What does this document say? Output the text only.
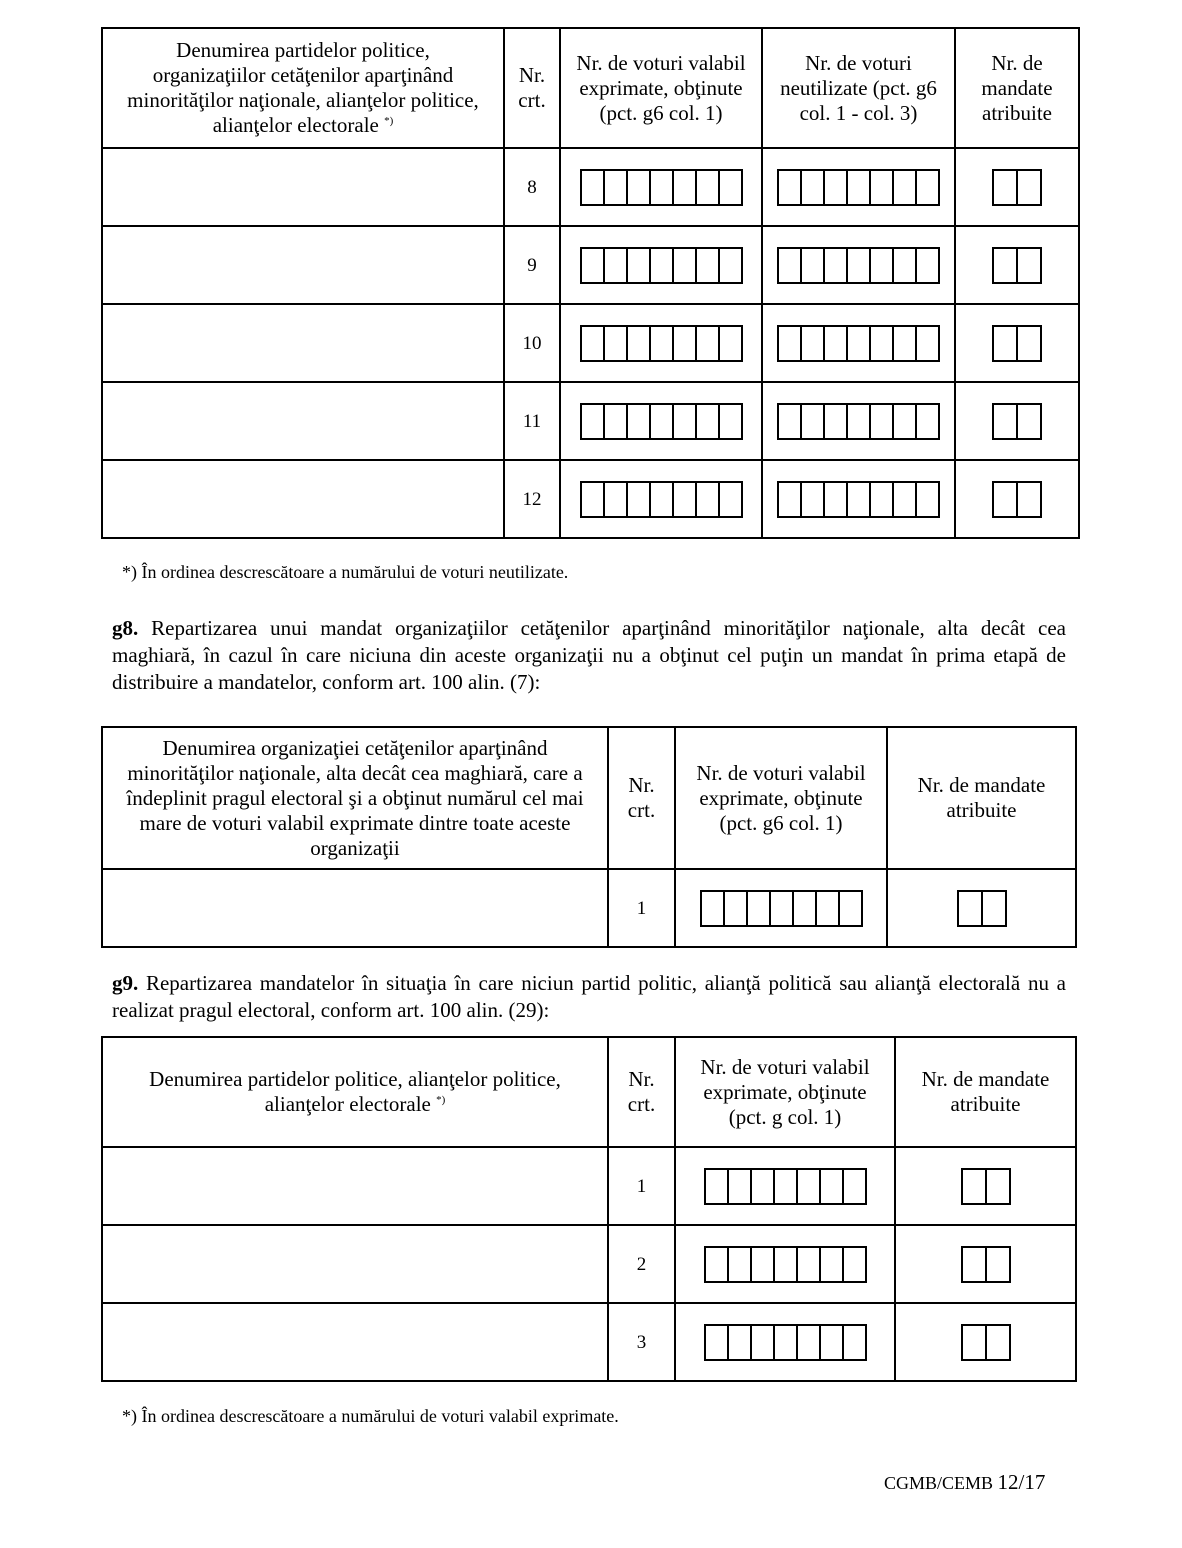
Denumirea partidelor politice, organizaţiilor cetăţenilor aparţinând minorităţilor naţionale, alianţelor politice, alianţelor electorale *)	Nr. crt.	Nr. de voturi valabil exprimate, obţinute (pct. g6 col. 1)	Nr. de voturi neutilizate (pct. g6 col. 1 - col. 3)	Nr. de mandate atribuite
	8	

	9	

	10	

	11	

	12	

*) În ordinea descrescătoare a numărului de voturi neutilizate.
g8. Repartizarea unui mandat organizaţiilor cetăţenilor aparţinând minorităţilor naţionale, alta decât cea maghiară, în cazul în care niciuna din aceste organizaţii nu a obţinut cel puţin un mandat în prima etapă de distribuire a mandatelor, conform art. 100 alin. (7):
Denumirea organizaţiei cetăţenilor aparţinând minorităţilor naţionale, alta decât cea maghiară, care a îndeplinit pragul electoral şi a obţinut numărul cel mai mare de voturi valabil exprimate dintre toate aceste organizaţii	Nr. crt.	Nr. de voturi valabil exprimate, obţinute (pct. g6 col. 1)	Nr. de mandate atribuite
	1	

g9. Repartizarea mandatelor în situaţia în care niciun partid politic, alianţă politică sau alianţă electorală nu a realizat pragul electoral, conform art. 100 alin. (29):
Denumirea partidelor politice, alianţelor politice, alianţelor electorale *)	Nr. crt.	Nr. de voturi valabil exprimate, obţinute (pct. g col. 1)	Nr. de mandate atribuite
	1	

	2	

	3	

*) În ordinea descrescătoare a numărului de voturi valabil exprimate.
CGMB/CEMB 12/17
